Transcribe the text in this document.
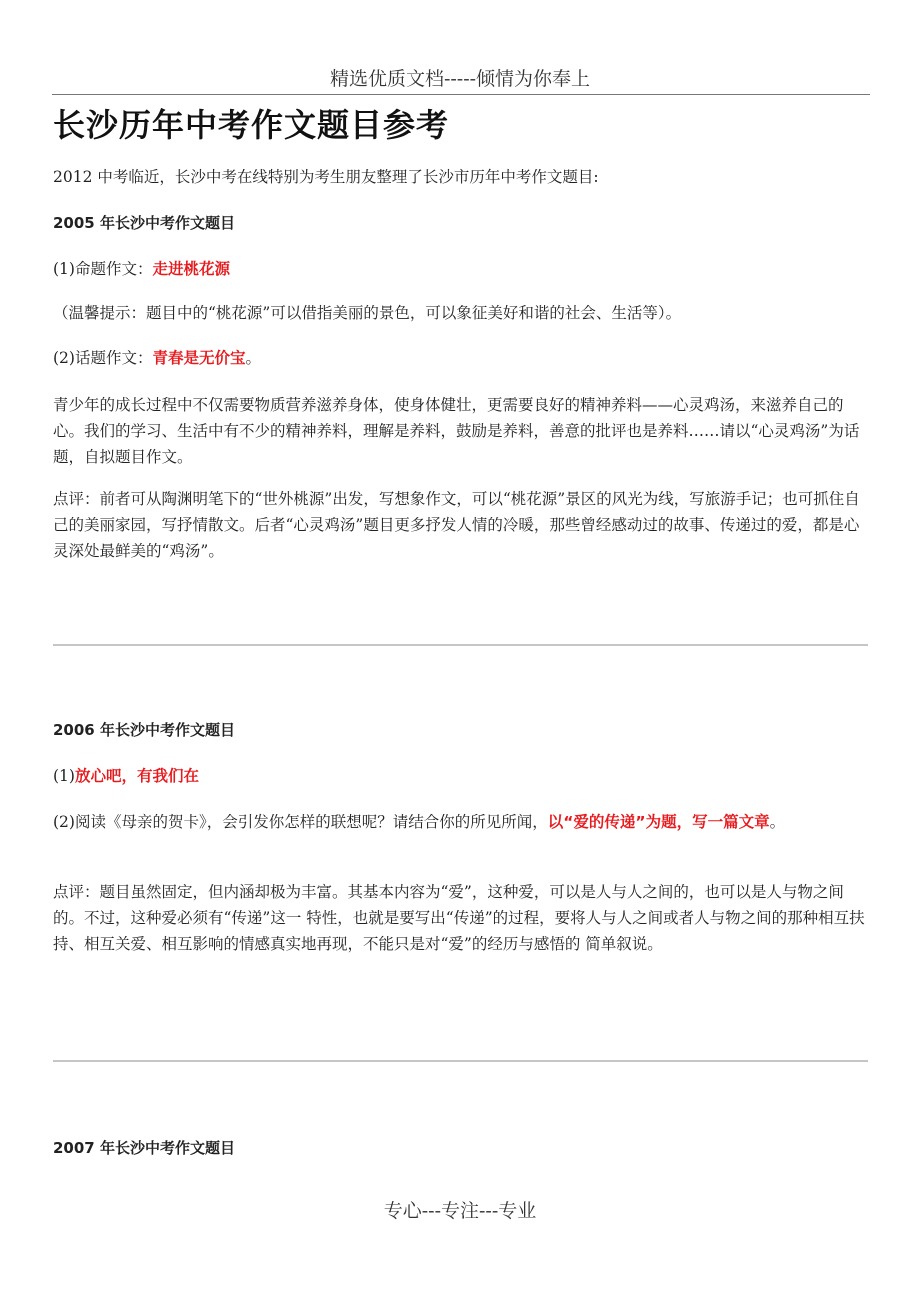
精选优质文档-----倾情为你奉上
长沙历年中考作文题目参考

2012 中考临近，长沙中考在线特别为考生朋友整理了长沙市历年中考作文题目:

2005 年长沙中考作文题目

(1)命题作文：走进桃花源

（温馨提示：题目中的“桃花源”可以借指美丽的景色，可以象征美好和谐的社会、生活等）。

(2)话题作文：青春是无价宝。

青少年的成长过程中不仅需要物质营养滋养身体，使身体健壮，更需要良好的精神养料——心灵鸡汤，来滋养自己的心。我们的学习、生活中有不少的精神养料，理解是养料，鼓励是养料，善意的批评也是养料……请以“心灵鸡汤”为话题，自拟题目作文。

点评：前者可从陶渊明笔下的“世外桃源”出发，写想象作文，可以“桃花源”景区的风光为线，写旅游手记；也可抓住自己的美丽家园，写抒情散文。后者“心灵鸡汤”题目更多抒发人情的冷暖，那些曾经感动过的故事、传递过的爱，都是心灵深处最鲜美的“鸡汤”。

2006 年长沙中考作文题目

(1)放心吧，有我们在

(2)阅读《母亲的贺卡》，会引发你怎样的联想呢？请结合你的所见所闻，以“爱的传递”为题，写一篇文章。

点评：题目虽然固定，但内涵却极为丰富。其基本内容为“爱”，这种爱，可以是人与人之间的，也可以是人与物之间的。不过，这种爱必须有“传递”这一 特性，也就是要写出“传递”的过程，要将人与人之间或者人与物之间的那种相互扶持、相互关爱、相互影响的情感真实地再现，不能只是对“爱”的经历与感悟的 简单叙说。

2007 年长沙中考作文题目

专心---专注---专业
